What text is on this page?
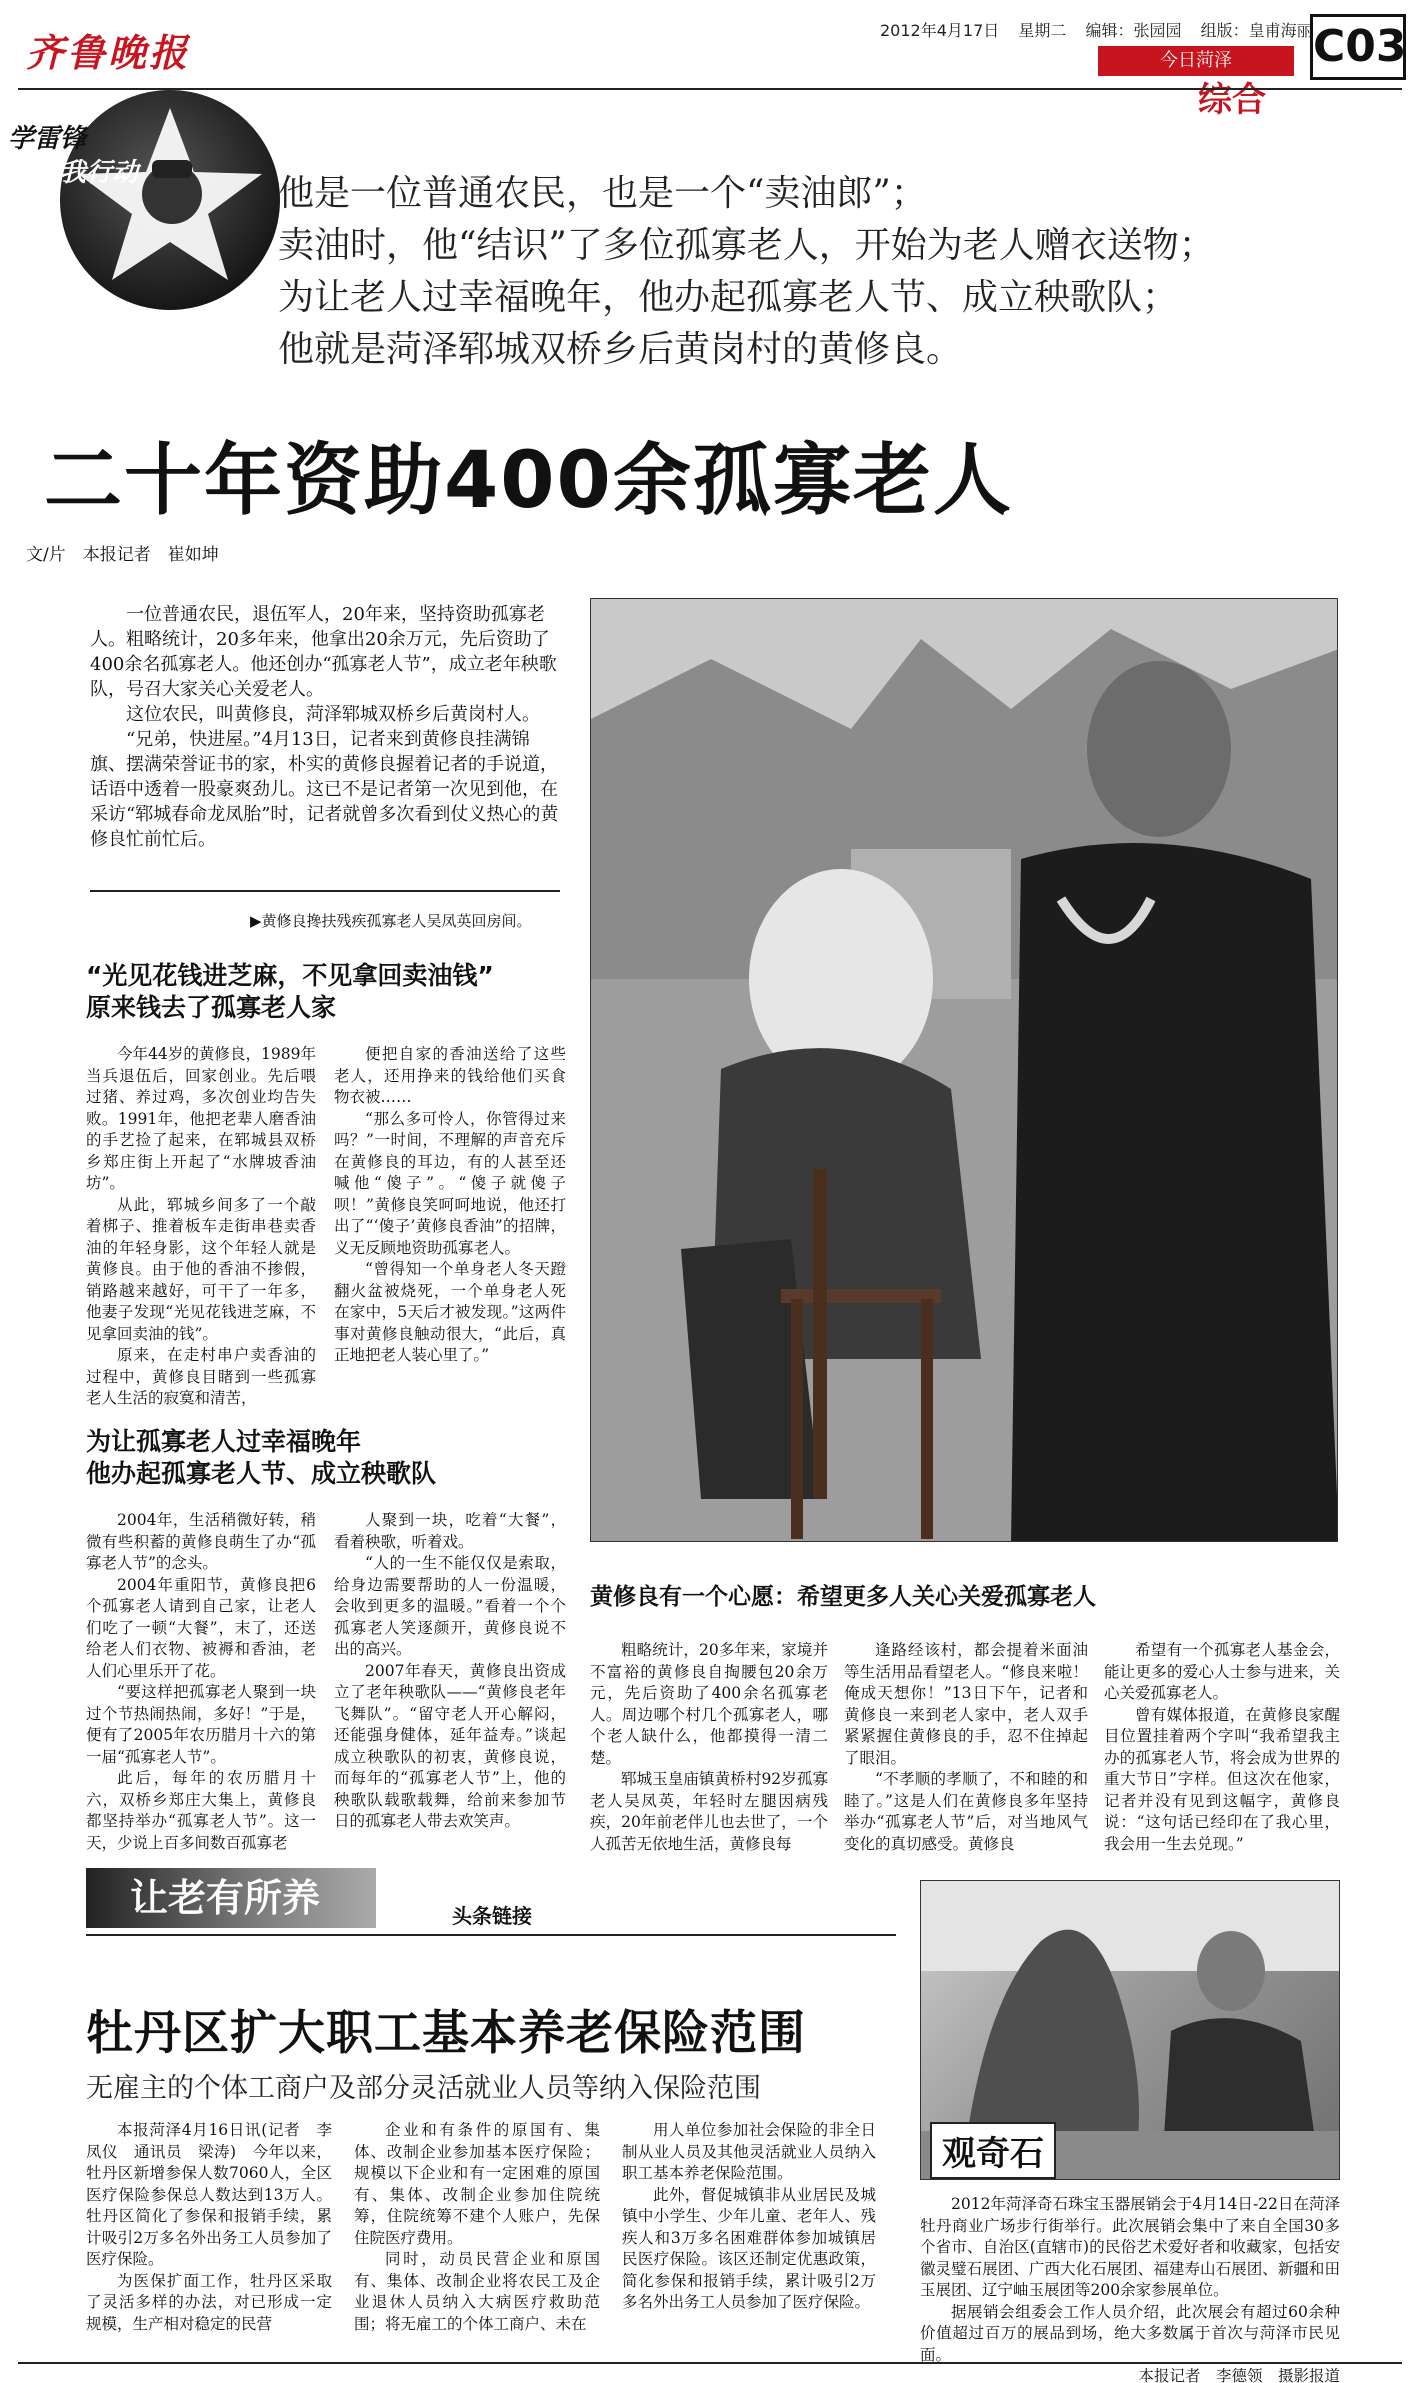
齐鲁晚报	2012年4月17日 星期二 编辑：张园园 组版：皇甫海丽
今日菏泽
综合
C03
学雷锋
我行动	他是一位普通农民，也是一个“卖油郎”；
卖油时，他“结识”了多位孤寡老人，开始为老人赠衣送物；
为让老人过幸福晚年，他办起孤寡老人节、成立秧歌队；
他就是菏泽郓城双桥乡后黄岗村的黄修良。
二十年资助400余孤寡老人
文/片　本报记者　崔如坤

一位普通农民，退伍军人，20年来，坚持资助孤寡老人。粗略统计，20多年来，他拿出20余万元，先后资助了400余名孤寡老人。他还创办“孤寡老人节”，成立老年秧歌队，号召大家关心关爱老人。

这位农民，叫黄修良，菏泽郓城双桥乡后黄岗村人。

“兄弟，快进屋。”4月13日，记者来到黄修良挂满锦旗、摆满荣誉证书的家，朴实的黄修良握着记者的手说道，话语中透着一股豪爽劲儿。这已不是记者第一次见到他，在采访“郓城春命龙凤胎”时，记者就曾多次看到仗义热心的黄修良忙前忙后。

▶黄修良搀扶残疾孤寡老人吴凤英回房间。
黄修良有一个心愿：希望更多人关心关爱孤寡老人
“光见花钱进芝麻，不见拿回卖油钱”
原来钱去了孤寡老人家

今年44岁的黄修良，1989年当兵退伍后，回家创业。先后喂过猪、养过鸡，多次创业均告失败。1991年，他把老辈人磨香油的手艺捡了起来，在郓城县双桥乡郑庄街上开起了“水牌坡香油坊”。

从此，郓城乡间多了一个敲着梆子、推着板车走街串巷卖香油的年轻身影，这个年轻人就是黄修良。由于他的香油不掺假，销路越来越好，可干了一年多，他妻子发现“光见花钱进芝麻，不见拿回卖油的钱”。

原来，在走村串户卖香油的过程中，黄修良目睹到一些孤寡老人生活的寂寞和清苦，

便把自家的香油送给了这些老人，还用挣来的钱给他们买食物衣被……

“那么多可怜人，你管得过来吗？”一时间，不理解的声音充斥在黄修良的耳边，有的人甚至还喊他“傻子”。“傻子就傻子呗！”黄修良笑呵呵地说，他还打出了“‘傻子’黄修良香油”的招牌，义无反顾地资助孤寡老人。

“曾得知一个单身老人冬天蹬翻火盆被烧死，一个单身老人死在家中，5天后才被发现。”这两件事对黄修良触动很大，“此后，真正地把老人装心里了。”

为让孤寡老人过幸福晚年
他办起孤寡老人节、成立秧歌队

2004年，生活稍微好转，稍微有些积蓄的黄修良萌生了办“孤寡老人节”的念头。

2004年重阳节，黄修良把6个孤寡老人请到自己家，让老人们吃了一顿“大餐”，末了，还送给老人们衣物、被褥和香油，老人们心里乐开了花。

“要这样把孤寡老人聚到一块过个节热闹热闹，多好！”于是，便有了2005年农历腊月十六的第一届“孤寡老人节”。

此后，每年的农历腊月十六，双桥乡郑庄大集上，黄修良都坚持举办“孤寡老人节”。这一天，少说上百多间数百孤寡老

人聚到一块，吃着“大餐”，看着秧歌，听着戏。

“人的一生不能仅仅是索取，给身边需要帮助的人一份温暖，会收到更多的温暖。”看着一个个孤寡老人笑逐颜开，黄修良说不出的高兴。

2007年春天，黄修良出资成立了老年秧歌队——“黄修良老年飞舞队”。“留守老人开心解闷，还能强身健体，延年益寿。”谈起成立秧歌队的初衷，黄修良说，而每年的“孤寡老人节”上，他的秧歌队载歌载舞，给前来参加节日的孤寡老人带去欢笑声。

粗略统计，20多年来，家境并不富裕的黄修良自掏腰包20余万元，先后资助了400余名孤寡老人。周边哪个村几个孤寡老人，哪个老人缺什么，他都摸得一清二楚。

郓城玉皇庙镇黄桥村92岁孤寡老人吴凤英，年轻时左腿因病残疾，20年前老伴儿也去世了，一个人孤苦无依地生活，黄修良每

逢路经该村，都会提着米面油等生活用品看望老人。“修良来啦！俺成天想你！”13日下午，记者和黄修良一来到老人家中，老人双手紧紧握住黄修良的手，忍不住掉起了眼泪。

“不孝顺的孝顺了，不和睦的和睦了。”这是人们在黄修良多年坚持举办“孤寡老人节”后，对当地风气变化的真切感受。黄修良

希望有一个孤寡老人基金会，能让更多的爱心人士参与进来，关心关爱孤寡老人。

曾有媒体报道，在黄修良家醒目位置挂着两个字叫“我希望我主办的孤寡老人节，将会成为世界的重大节日”字样。但这次在他家，记者并没有见到这幅字，黄修良说：“这句话已经印在了我心里，我会用一生去兑现。”

让老有所养	头条链接
牡丹区扩大职工基本养老保险范围
无雇主的个体工商户及部分灵活就业人员等纳入保险范围

本报菏泽4月16日讯(记者　李凤仪　通讯员　梁涛)　今年以来，牡丹区新增参保人数7060人，全区医疗保险参保总人数达到13万人。牡丹区简化了参保和报销手续，累计吸引2万多名外出务工人员参加了医疗保险。

为医保扩面工作，牡丹区采取了灵活多样的办法，对已形成一定规模，生产相对稳定的民营

企业和有条件的原国有、集体、改制企业参加基本医疗保险；规模以下企业和有一定困难的原国有、集体、改制企业参加住院统筹，住院统筹不建个人账户，先保住院医疗费用。

同时，动员民营企业和原国有、集体、改制企业将农民工及企业退休人员纳入大病医疗救助范围；将无雇工的个体工商户、未在

用人单位参加社会保险的非全日制从业人员及其他灵活就业人员纳入职工基本养老保险范围。

此外，督促城镇非从业居民及城镇中小学生、少年儿童、老年人、残疾人和3万多名困难群体参加城镇居民医疗保险。该区还制定优惠政策，简化参保和报销手续，累计吸引2万多名外出务工人员参加了医疗保险。

观奇石

2012年菏泽奇石珠宝玉器展销会于4月14日-22日在菏泽牡丹商业广场步行街举行。此次展销会集中了来自全国30多个省市、自治区(直辖市)的民俗艺术爱好者和收藏家，包括安徽灵璧石展团、广西大化石展团、福建寿山石展团、新疆和田玉展团、辽宁岫玉展团等200余家参展单位。

据展销会组委会工作人员介绍，此次展会有超过60余种价值超过百万的展品到场，绝大多数属于首次与菏泽市民见面。

本报记者　李德领　摄影报道
